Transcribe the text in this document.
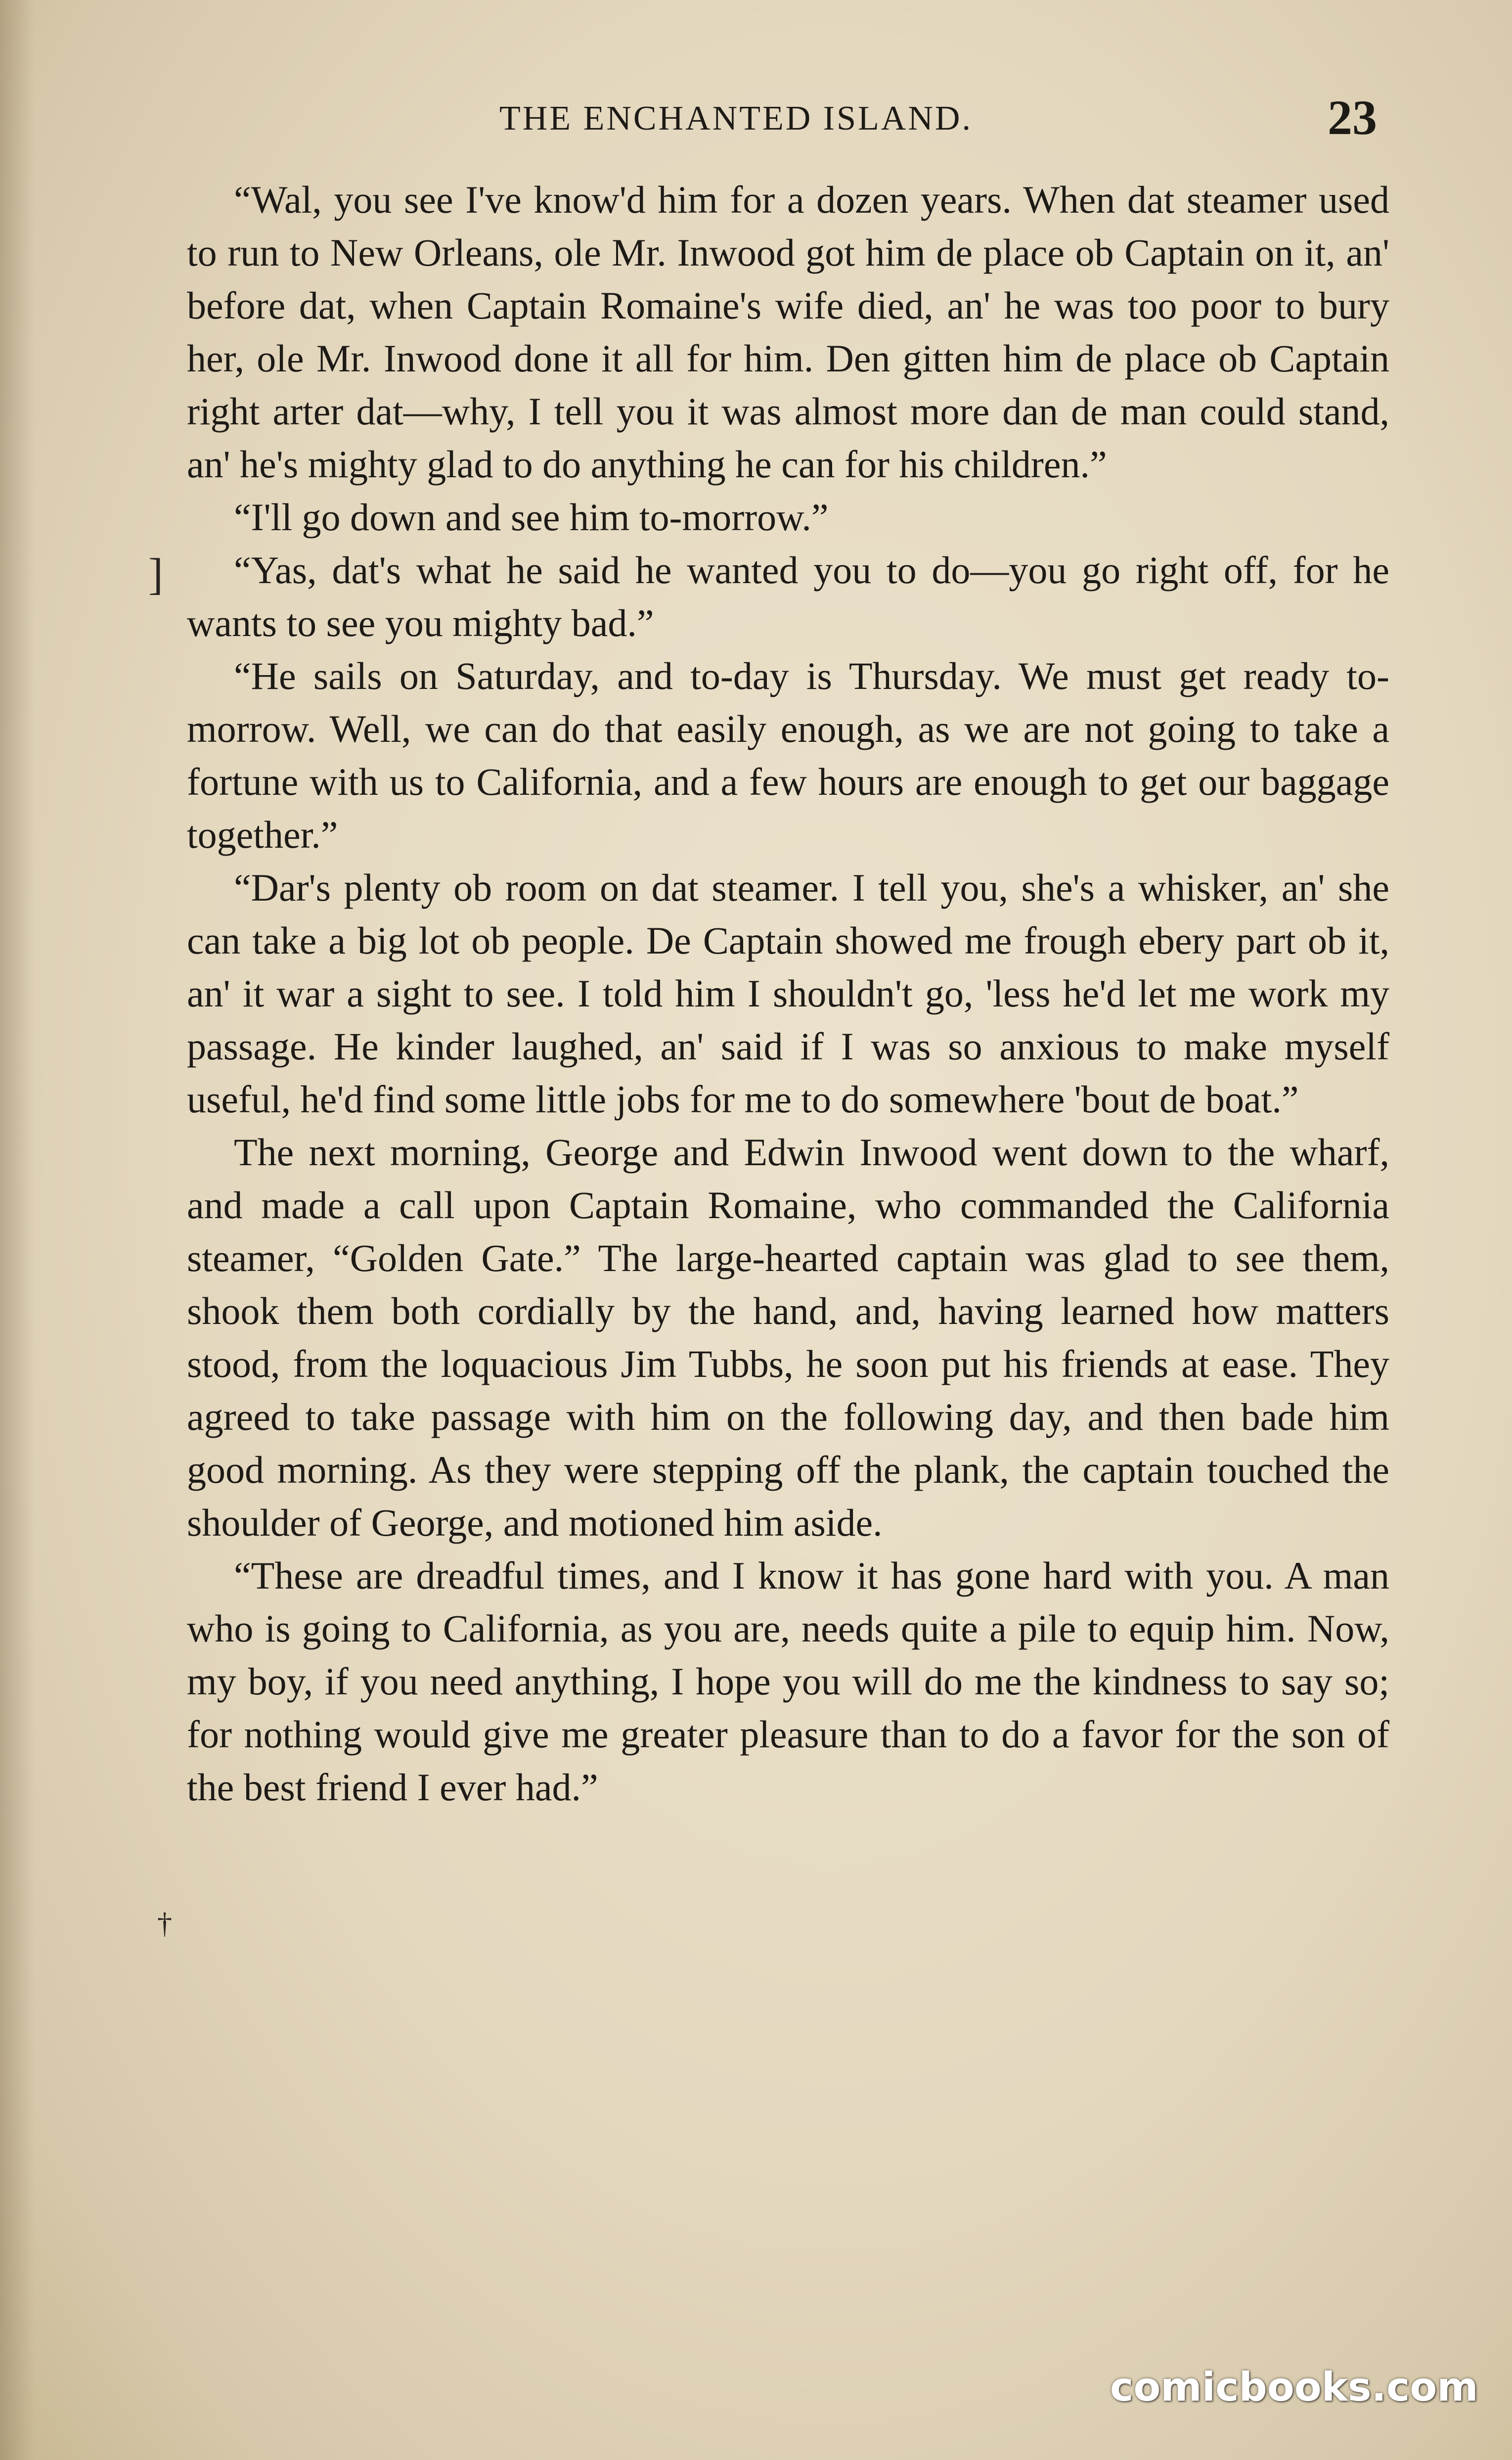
THE ENCHANTED ISLAND.	23
]
†

“Wal, you see I've know'd him for a dozen years. When dat steamer used to run to New Orleans, ole Mr. Inwood got him de place ob Captain on it, an' before dat, when Captain Romaine's wife died, an' he was too poor to bury her, ole Mr. Inwood done it all for him. Den gitten him de place ob Captain right arter dat—why, I tell you it was almost more dan de man could stand, an' he's mighty glad to do anything he can for his children.”

“I'll go down and see him to-morrow.”

“Yas, dat's what he said he wanted you to do—you go right off, for he wants to see you mighty bad.”

“He sails on Saturday, and to-day is Thursday. We must get ready to-morrow. Well, we can do that easily enough, as we are not going to take a fortune with us to California, and a few hours are enough to get our baggage together.”

“Dar's plenty ob room on dat steamer. I tell you, she's a whisker, an' she can take a big lot ob people. De Captain showed me frough ebery part ob it, an' it war a sight to see. I told him I shouldn't go, 'less he'd let me work my passage. He kinder laughed, an' said if I was so anxious to make myself useful, he'd find some little jobs for me to do somewhere 'bout de boat.”

The next morning, George and Edwin Inwood went down to the wharf, and made a call upon Captain Romaine, who commanded the California steamer, “Golden Gate.” The large-hearted captain was glad to see them, shook them both cordially by the hand, and, having learned how matters stood, from the loquacious Jim Tubbs, he soon put his friends at ease. They agreed to take passage with him on the following day, and then bade him good morning. As they were stepping off the plank, the captain touched the shoulder of George, and motioned him aside.

“These are dreadful times, and I know it has gone hard with you. A man who is going to California, as you are, needs quite a pile to equip him. Now, my boy, if you need anything, I hope you will do me the kindness to say so; for nothing would give me greater pleasure than to do a favor for the son of the best friend I ever had.”

comicbooks.com
